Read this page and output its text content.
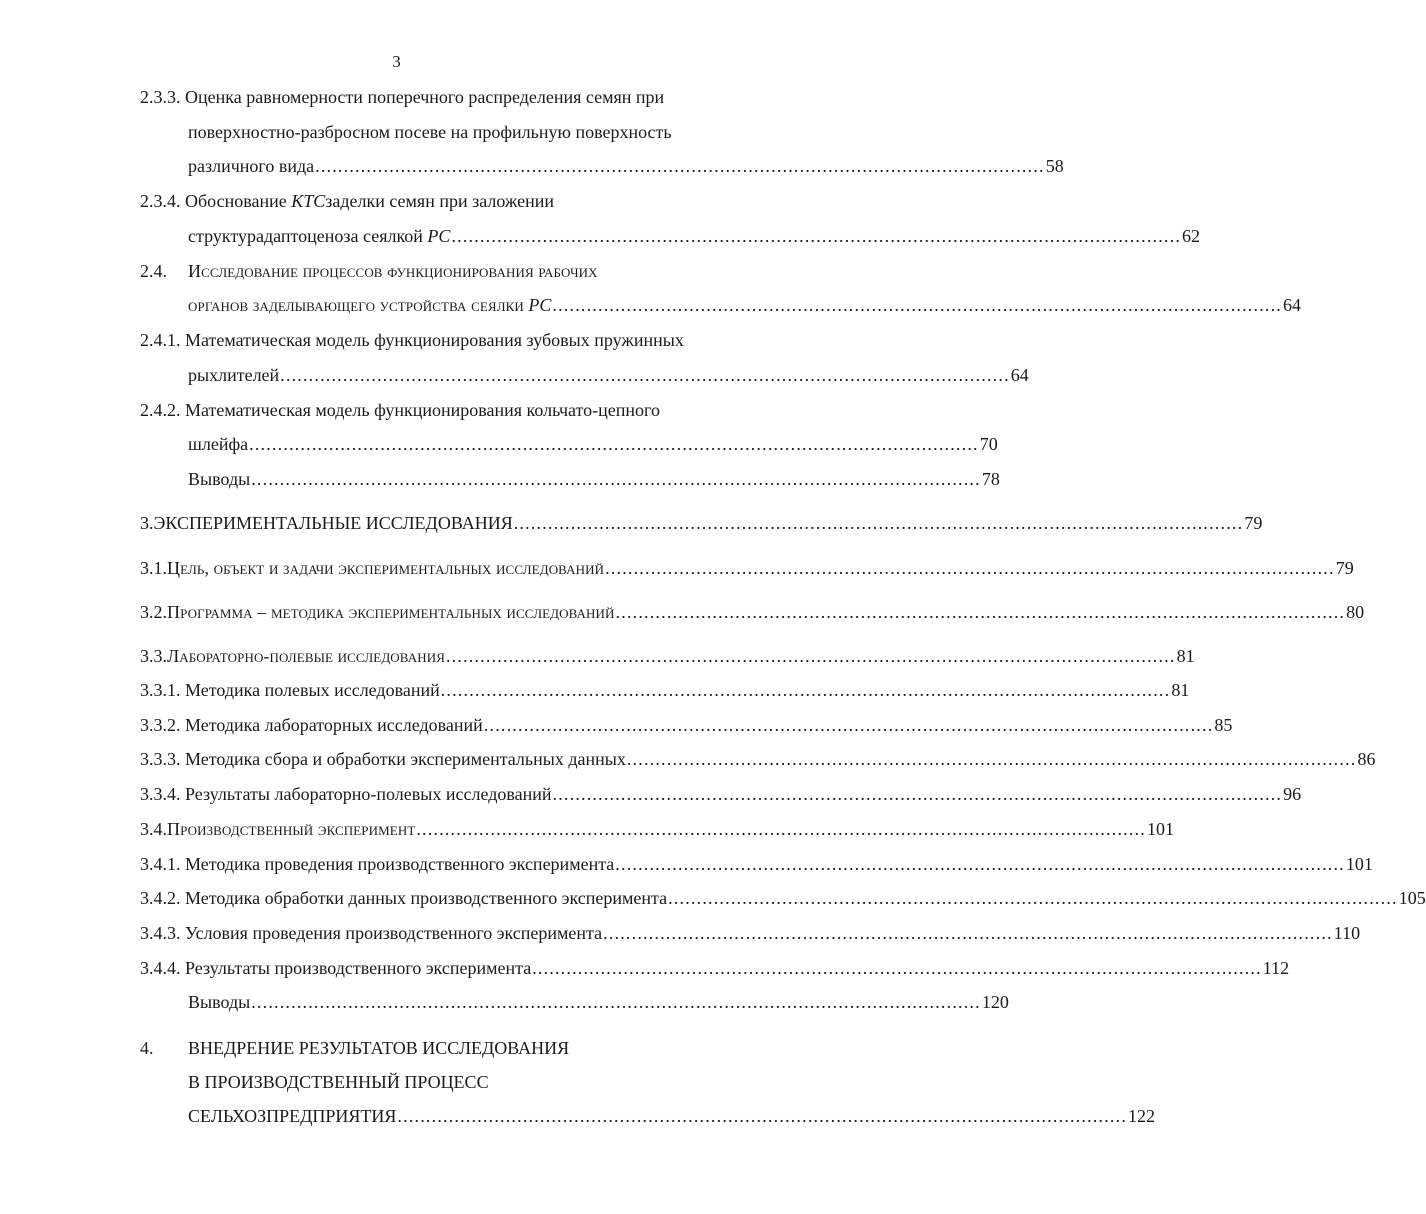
3
2.3.3.
Оценка равномерности поперечного распределения семян при
поверхностно-разбросном посеве на профильную поверхность
различного вида ................................................................................................................................ 58
2.3.4.
Обоснование
КТС заделки семян при заложении
структурадаптоценоза сеялкой
РС ................................................................................................................................ 62
2.4.	Исследование процессов функционирования рабочих
органов заделывающего устройства сеялки
РС ................................................................................................................................ 64
2.4.1.
Математическая модель функционирования зубовых пружинных
рыхлителей ................................................................................................................................ 64
2.4.2.
Математическая модель функционирования кольчато-цепного
шлейфа ................................................................................................................................ 70
Выводы ................................................................................................................................ 78
3. ЭКСПЕРИМЕНТАЛЬНЫЕ ИССЛЕДОВАНИЯ ................................................................................................................................ 79
3.1. Цель, объект и задачи экспериментальных исследований ................................................................................................................................ 79
3.2. Программа – методика экспериментальных исследований ................................................................................................................................ 80
3.3. Лабораторно-полевые исследования ................................................................................................................................ 81
3.3.1.
Методика полевых исследований ................................................................................................................................ 81
3.3.2.
Методика лабораторных исследований ................................................................................................................................ 85
3.3.3.
Методика сбора и обработки экспериментальных данных ................................................................................................................................ 86
3.3.4.
Результаты лабораторно-полевых исследований ................................................................................................................................ 96
3.4. Производственный эксперимент ................................................................................................................................ 101
3.4.1.
Методика проведения производственного эксперимента ................................................................................................................................ 101
3.4.2.
Методика обработки данных производственного эксперимента ................................................................................................................................ 105
3.4.3.
Условия проведения производственного эксперимента ................................................................................................................................ 110
3.4.4.
Результаты производственного эксперимента ................................................................................................................................ 112
Выводы ................................................................................................................................ 120
4.	ВНЕДРЕНИЕ РЕЗУЛЬТАТОВ ИССЛЕДОВАНИЯ
В ПРОИЗВОДСТВЕННЫЙ ПРОЦЕСС
СЕЛЬХОЗПРЕДПРИЯТИЯ ................................................................................................................................ 122
